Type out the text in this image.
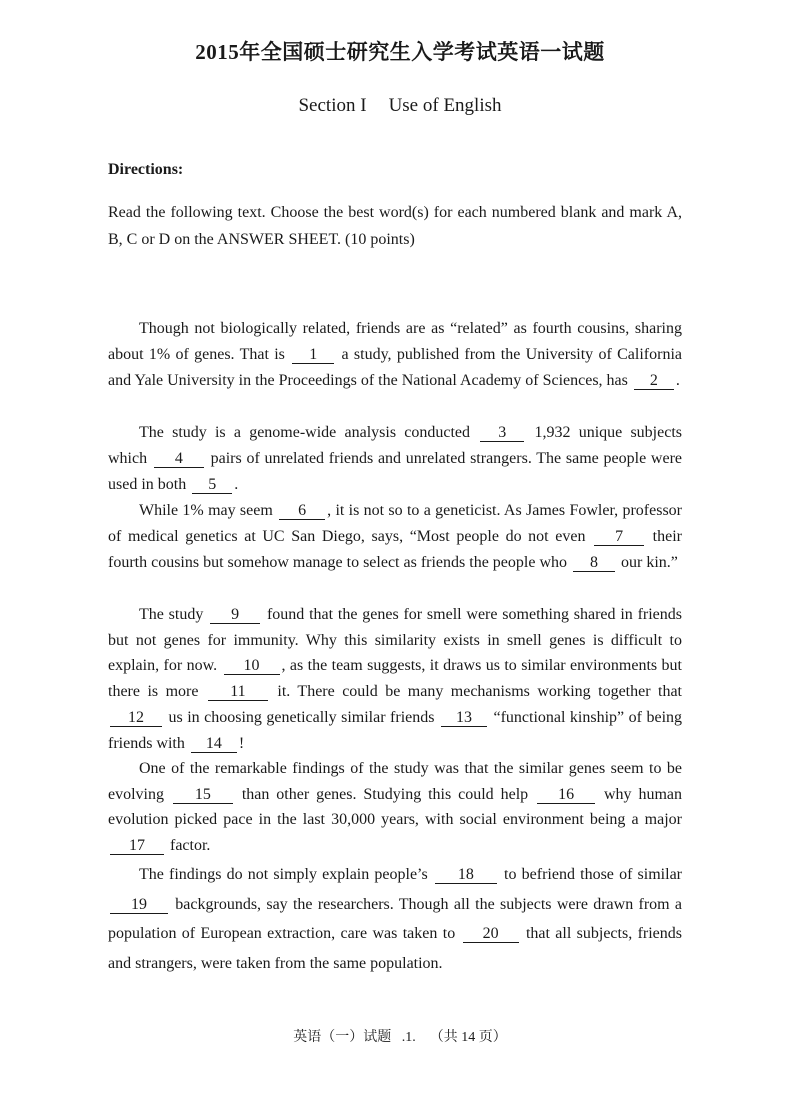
2015年全国硕士研究生入学考试英语一试题
Section I Use of English
Directions:

Read the following text. Choose the best word(s) for each numbered blank and mark A, B, C or D on the ANSWER SHEET. (10 points)

Though not biologically related, friends are as “related” as fourth cousins, sharing about 1% of genes. That is 1 a study, published from the University of California and Yale University in the Proceedings of the National Academy of Sciences, has 2 .

The study is a genome-wide analysis conducted 3 1,932 unique subjects which 4 pairs of unrelated friends and unrelated strangers. The same people were used in both 5 .

While 1% may seem 6 , it is not so to a geneticist. As James Fowler, professor of medical genetics at UC San Diego, says, “Most people do not even 7 their fourth cousins but somehow manage to select as friends the people who 8 our kin.”

The study 9 found that the genes for smell were something shared in friends but not genes for immunity. Why this similarity exists in smell genes is difficult to explain, for now. 10 , as the team suggests, it draws us to similar environments but there is more 11 it. There could be many mechanisms working together that 12 us in choosing genetically similar friends 13 “functional kinship” of being friends with 14 !

One of the remarkable findings of the study was that the similar genes seem to be evolving 15 than other genes. Studying this could help 16 why human evolution picked pace in the last 30,000 years, with social environment being a major 17 factor.

The findings do not simply explain people’s 18 to befriend those of similar 19 backgrounds, say the researchers. Though all the subjects were drawn from a population of European extraction, care was taken to 20 that all subjects, friends and strangers, were taken from the same population.

英语（一）试题 .1. （共 14 页）
